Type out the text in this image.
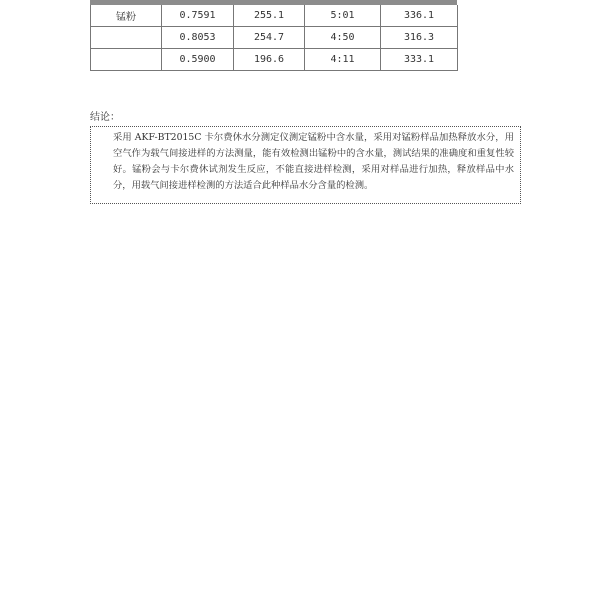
锰粉	0.7591	255.1	5:01	336.1
	0.8053	254.7	4:50	316.3
	0.5900	196.6	4:11	333.1
结论：
采用 AKF-BT2015C 卡尔费休水分测定仪测定锰粉中含水量，采用对锰粉样品加热释放水分，用空气作为载气间接进样的方法测量，能有效检测出锰粉中的含水量，测试结果的准确度和重复性较好。锰粉会与卡尔费休试剂发生反应，不能直接进样检测，采用对样品进行加热，释放样品中水分，用载气间接进样检测的方法适合此种样品水分含量的检测。
